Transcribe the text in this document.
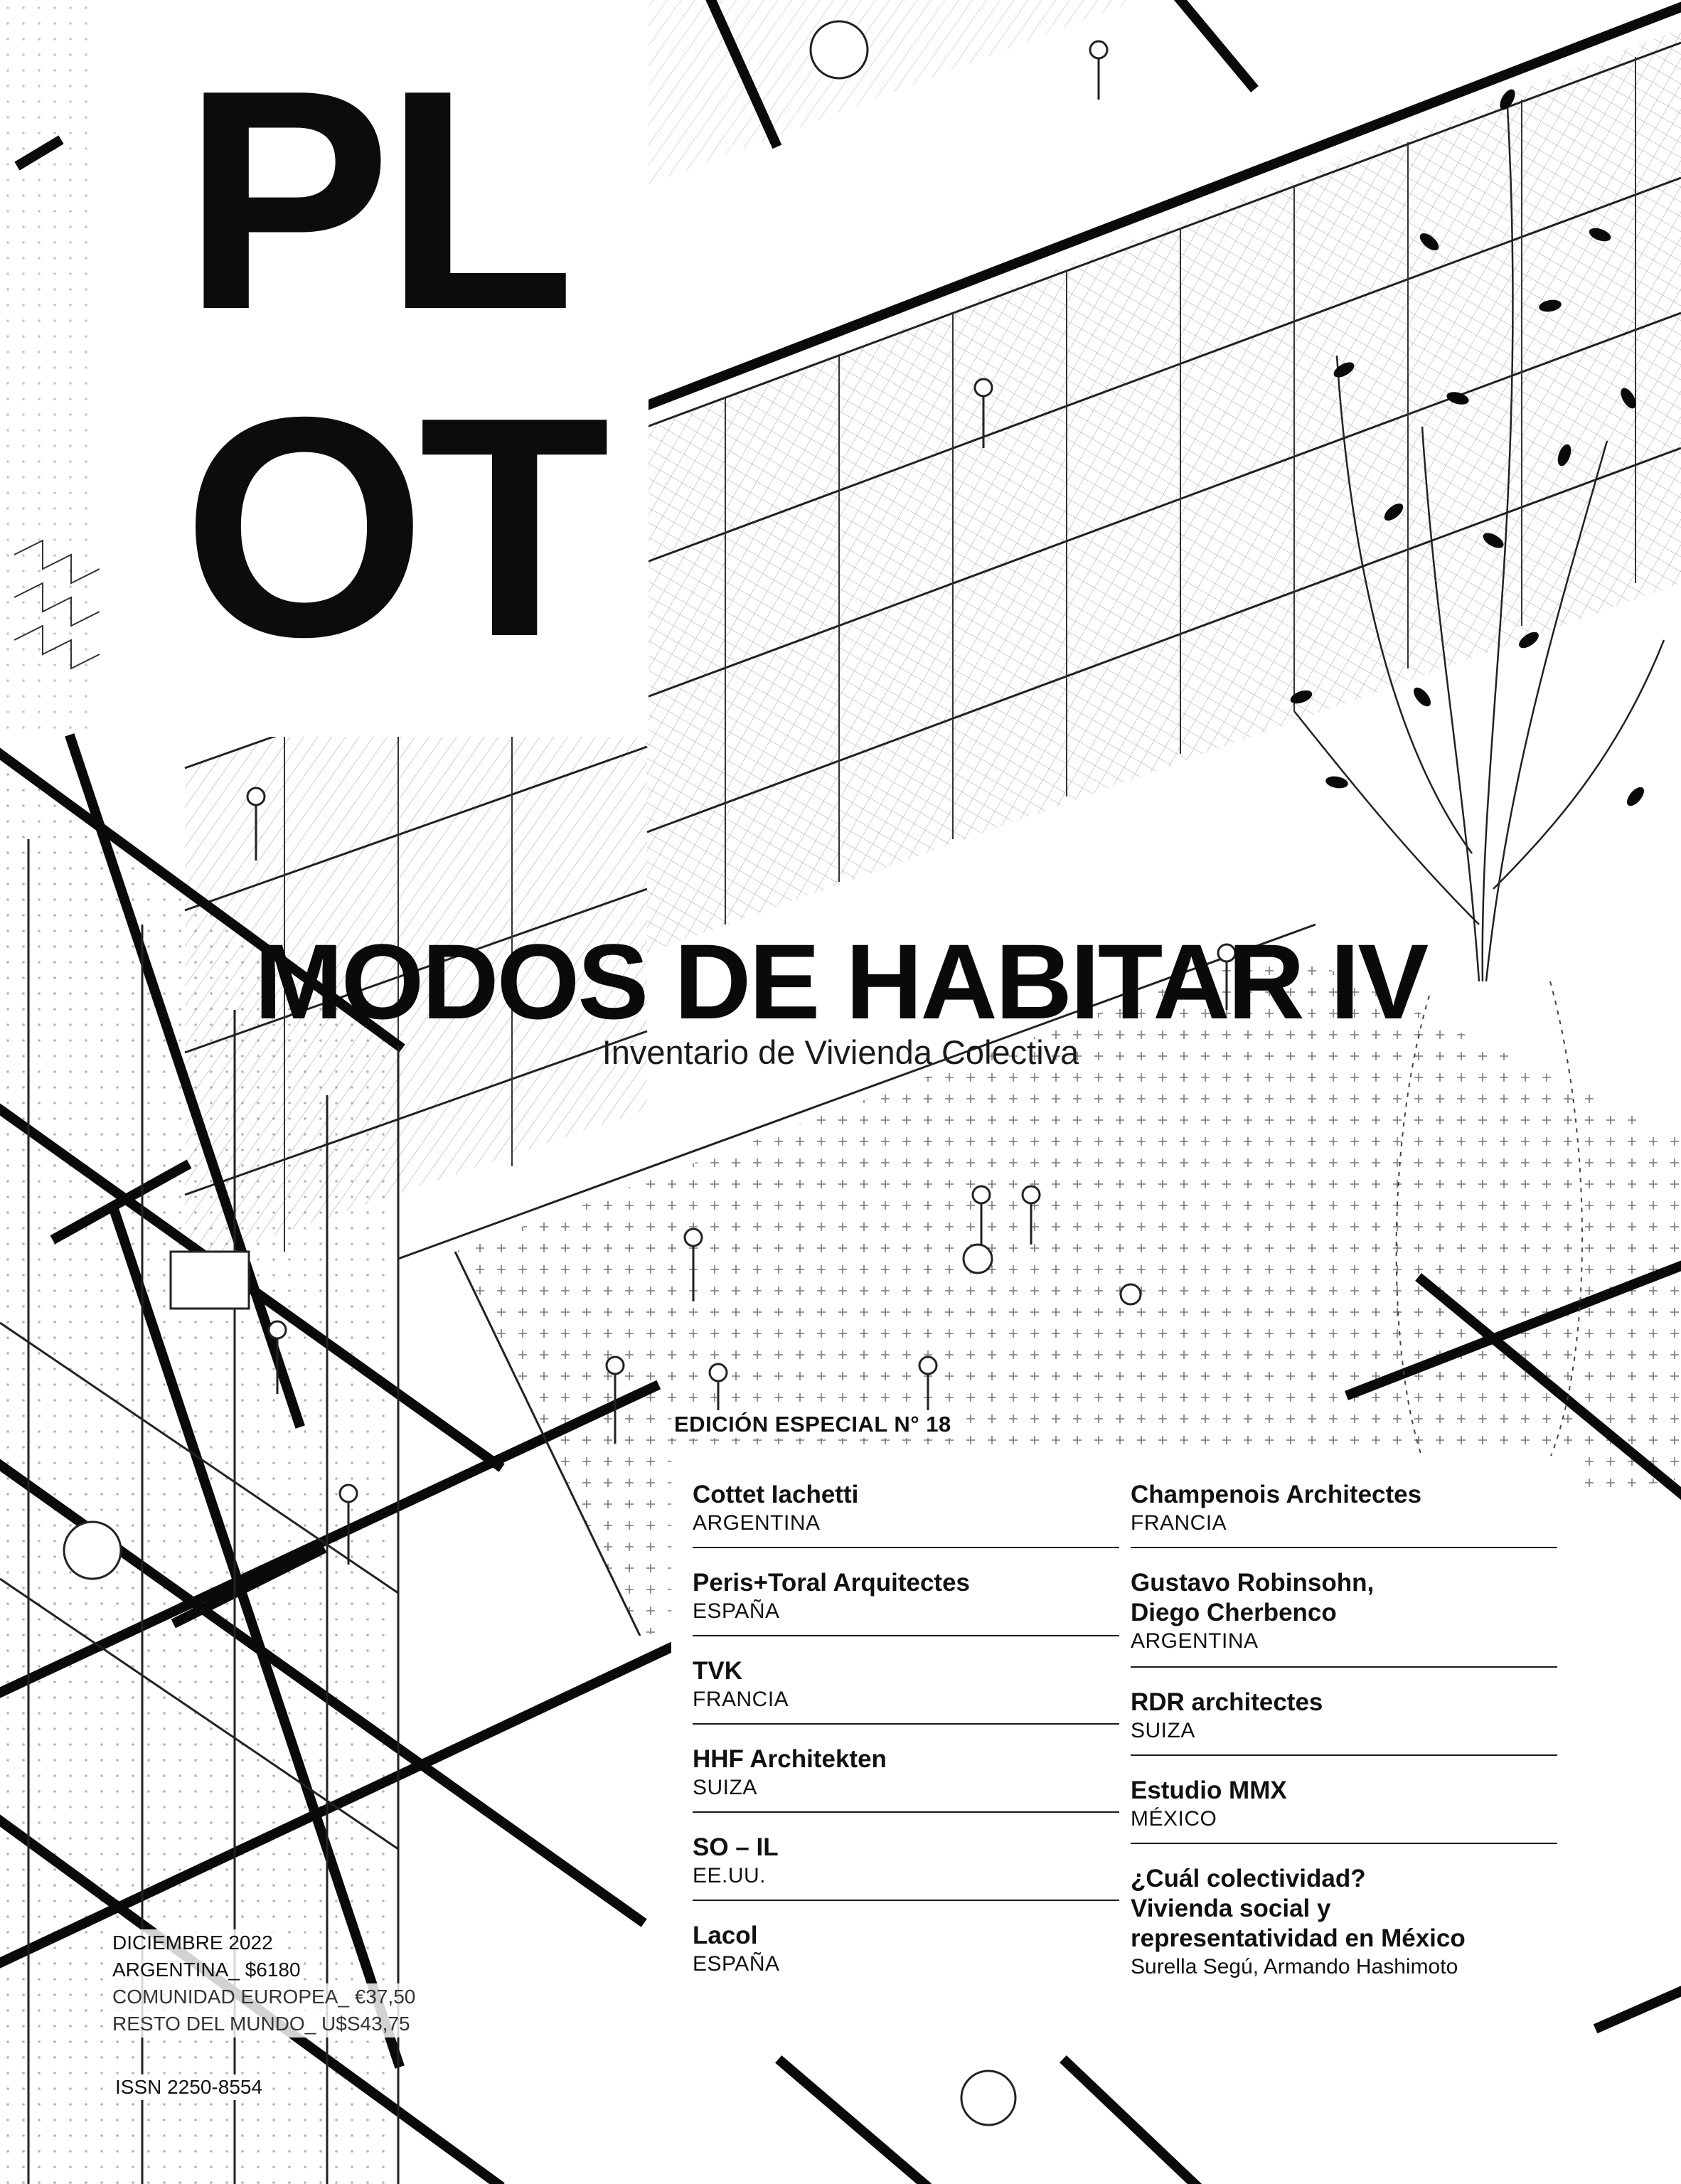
PL
OT
MODOS DE HABITAR IV
Inventario de Vivienda Colectiva
EDICIÓN ESPECIAL N° 18
Cottet Iachetti
ARGENTINA
Peris+Toral Arquitectes
ESPAÑA
TVK
FRANCIA
HHF Architekten
SUIZA
SO – IL
EE.UU.
Lacol
ESPAÑA
Champenois Architectes
FRANCIA
Gustavo Robinsohn,
Diego Cherbenco
ARGENTINA
RDR architectes
SUIZA
Estudio MMX
MÉXICO
¿Cuál colectividad?
Vivienda social y
representatividad en México
Surella Segú, Armando Hashimoto
DICIEMBRE 2022
ARGENTINA_ $6180
COMUNIDAD EUROPEA_ €37,50
RESTO DEL MUNDO_ U$S43,75
ISSN 2250-8554
